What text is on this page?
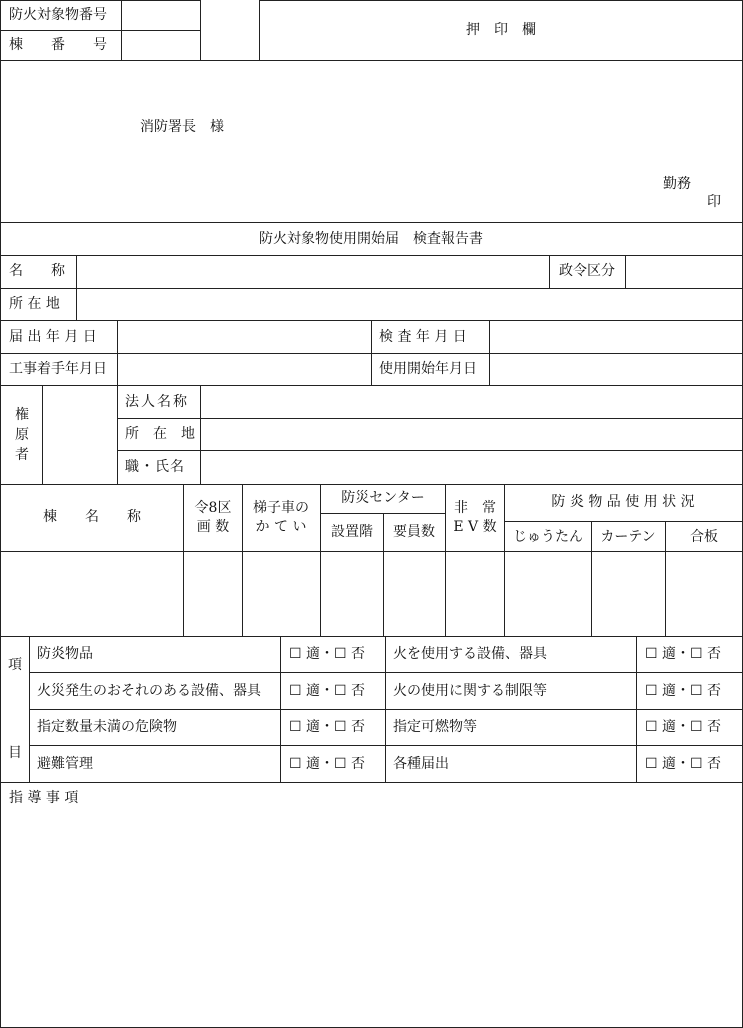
防火対象物番号
棟　　番　　号
押　印　欄
消防署長　様
勤務
印
防火対象物使用開始届　検査報告書
名　　称	政令区分
所 在 地
届 出 年 月 日	検 査 年 月 日
工事着手年月日	使用開始年月日
権
原
者
法人名称
所　在　地
職・氏名
棟　　名　　称
令8区
画 数
梯子車の
か て い
防災センター
設置階 要員数
非　常
E V 数
防 炎 物 品 使 用 状 況
じゅうたん カーテン 合板
項
目
防炎物品	☐ 適・☐ 否 火を使用する設備、器具	☐ 適・☐ 否
火災発生のおそれのある設備、器具 ☐ 適・☐ 否 火の使用に関する制限等	☐ 適・☐ 否
指定数量未満の危険物	☐ 適・☐ 否 指定可燃物等	☐ 適・☐ 否
避難管理	☐ 適・☐ 否 各種届出	☐ 適・☐ 否
指 導 事 項
